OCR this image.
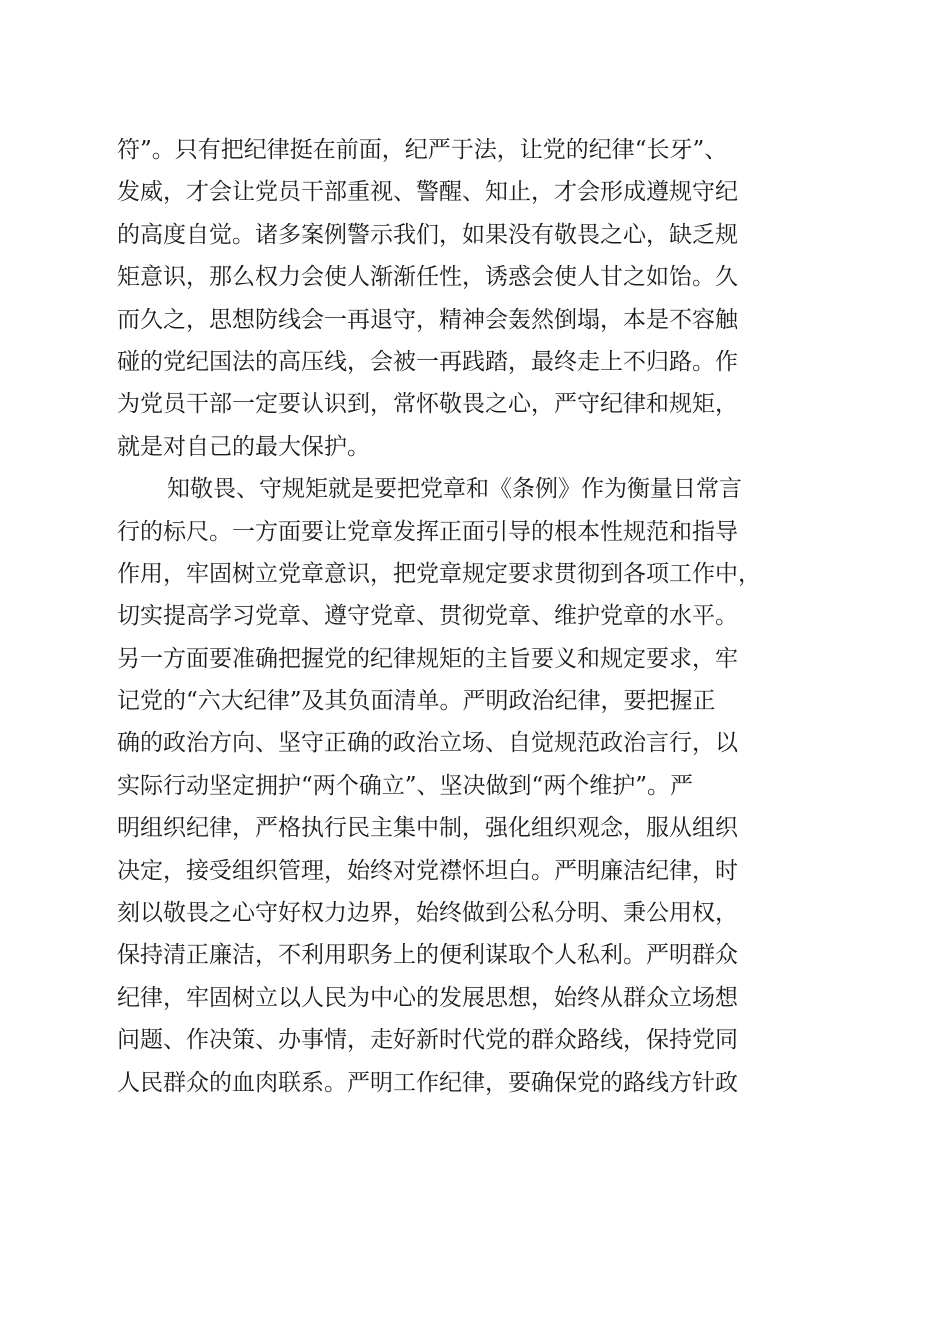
符”。只有把纪律挺在前面，纪严于法，让党的纪律“长牙”、
发威，才会让党员干部重视、警醒、知止，才会形成遵规守纪
的高度自觉。诸多案例警示我们，如果没有敬畏之心，缺乏规
矩意识，那么权力会使人渐渐任性，诱惑会使人甘之如饴。久
而久之，思想防线会一再退守，精神会轰然倒塌，本是不容触
碰的党纪国法的高压线，会被一再践踏，最终走上不归路。作
为党员干部一定要认识到，常怀敬畏之心，严守纪律和规矩，
就是对自己的最大保护。
知敬畏、守规矩就是要把党章和《条例》作为衡量日常言
行的标尺。一方面要让党章发挥正面引导的根本性规范和指导
作用，牢固树立党章意识，把党章规定要求贯彻到各项工作中，
切实提高学习党章、遵守党章、贯彻党章、维护党章的水平。
另一方面要准确把握党的纪律规矩的主旨要义和规定要求，牢
记党的“六大纪律”及其负面清单。严明政治纪律，要把握正
确的政治方向、坚守正确的政治立场、自觉规范政治言行，以
实际行动坚定拥护“两个确立”、坚决做到“两个维护”。严
明组织纪律，严格执行民主集中制，强化组织观念，服从组织
决定，接受组织管理，始终对党襟怀坦白。严明廉洁纪律，时
刻以敬畏之心守好权力边界，始终做到公私分明、秉公用权，
保持清正廉洁，不利用职务上的便利谋取个人私利。严明群众
纪律，牢固树立以人民为中心的发展思想，始终从群众立场想
问题、作决策、办事情，走好新时代党的群众路线，保持党同
人民群众的血肉联系。严明工作纪律，要确保党的路线方针政
